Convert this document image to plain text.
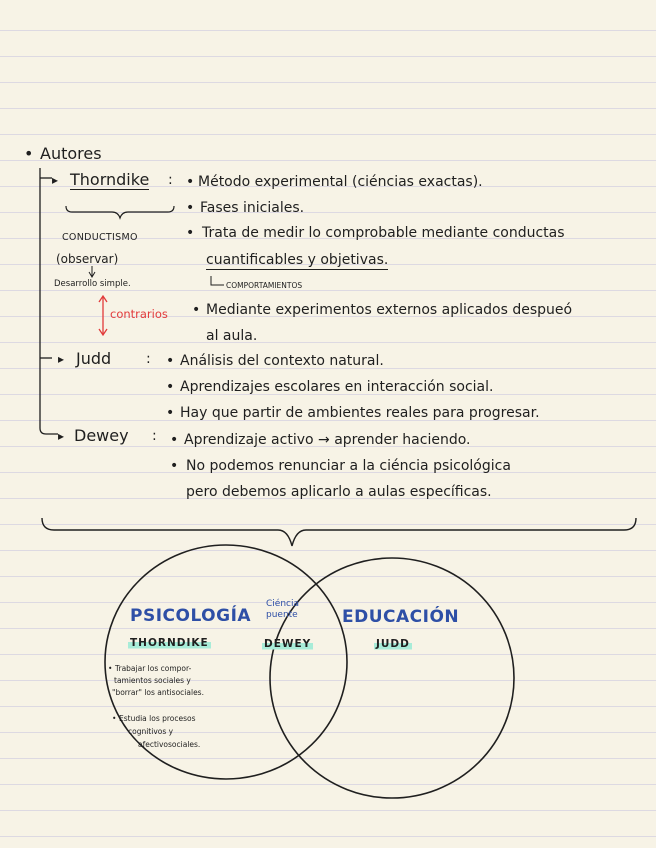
• Autores
▸ Thorndike : • Método experimental (ciéncias exactas).
• Fases iniciales.
• Trata de medir lo comprobable mediante conductas
cuantificables y objetivas.
COMPORTAMIENTOS
CONDUCTISMO
(observar)
Desarrollo simple.
contrarios • Mediante experimentos externos aplicados despueó
al aula.
▸ Judd : • Análisis del contexto natural.
• Aprendizajes escolares en interacción social.
• Hay que partir de ambientes reales para progresar.
▸ Dewey : • Aprendizaje activo → aprender haciendo.
• No podemos renunciar a la ciéncia psicológica
pero debemos aplicarlo a aulas específicas.
PSICOLOGÍA	EDUCACIÓN
Ciéncia
puente
THORNDIKE	DEWEY	JUDD
• Trabajar los compor-
tamientos sociales y
"borrar" los antisociales.
• Estudia los procesos
cognitivos y
afectivosociales.
